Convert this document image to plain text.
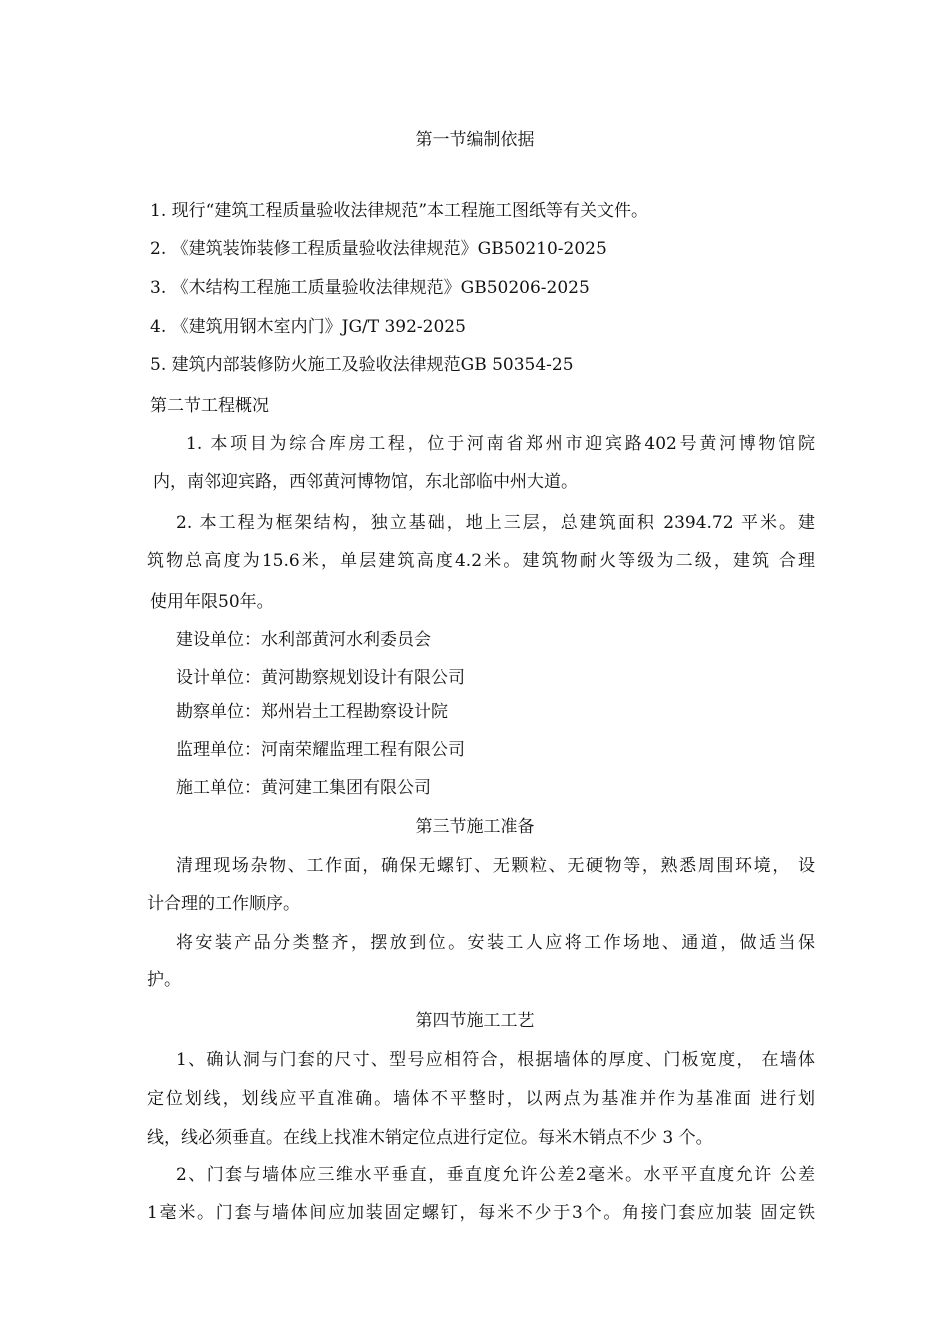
第一节编制依据
1. 现行“建筑工程质量验收法律规范”本工程施工图纸等有关文件。
2. 《建筑装饰装修工程质量验收法律规范》GB50210-2025
3. 《木结构工程施工质量验收法律规范》GB50206-2025
4. 《建筑用钢木室内门》JG/T 392-2025
5. 建筑内部装修防火施工及验收法律规范GB 50354-25
第二节工程概况
1. 本项目为综合库房工程，位于河南省郑州市迎宾路402号黄河博物馆院
内，南邻迎宾路，西邻黄河博物馆，东北部临中州大道。
2. 本工程为框架结构，独立基础，地上三层，总建筑面积 2394.72 平米。建
筑物总高度为15.6米，单层建筑高度4.2米。建筑物耐火等级为二级，建筑 合理
使用年限50年。
建设单位：水利部黄河水利委员会
设计单位：黄河勘察规划设计有限公司
勘察单位：郑州岩土工程勘察设计院
监理单位：河南荣耀监理工程有限公司
施工单位：黄河建工集团有限公司
第三节施工准备
清理现场杂物、工作面，确保无螺钉、无颗粒、无硬物等，熟悉周围环境， 设
计合理的工作顺序。
将安装产品分类整齐，摆放到位。安装工人应将工作场地、通道，做适当保
护。
第四节施工工艺
1、确认洞与门套的尺寸、型号应相符合，根据墙体的厚度、门板宽度， 在墙体
定位划线，划线应平直准确。墙体不平整时，以两点为基准并作为基准面 进行划
线，线必须垂直。在线上找准木销定位点进行定位。每米木销点不少 3 个。
2、门套与墙体应三维水平垂直，垂直度允许公差2毫米。水平平直度允许 公差
1毫米。门套与墙体间应加装固定螺钉，每米不少于3个。角接门套应加装 固定铁
